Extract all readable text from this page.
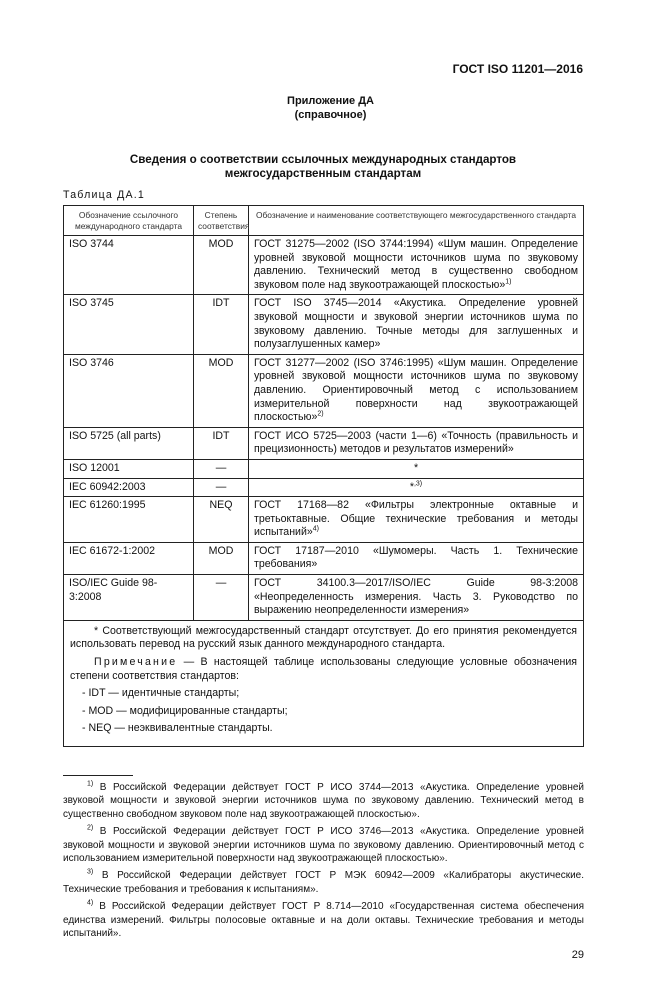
ГОСТ ISO 11201—2016
Приложение ДА
(справочное)
Сведения о соответствии ссылочных международных стандартов
межгосударственным стандартам
Таблица ДА.1
Обозначение ссылочного международного стандарта	Степень соответствия	Обозначение и наименование соответствующего межгосударственного стандарта
ISO 3744	MOD	ГОСТ 31275—2002 (ISO 3744:1994) «Шум машин. Определение уровней звуковой мощности источников шума по звуковому давлению. Технический метод в существенно свободном звуковом поле над звукоотражающей плоскостью»$^{1)}$
ISO 3745	IDT	ГОСТ ISO 3745—2014 «Акустика. Определение уровней звуковой мощности и звуковой энергии источников шума по звуковому давлению. Точные методы для заглушенных и полузаглушенных камер»
ISO 3746	MOD	ГОСТ 31277—2002 (ISO 3746:1995) «Шум машин. Определение уровней звуковой мощности источников шума по звуковому давлению. Ориентировочный метод с использованием измерительной поверхности над звукоотражающей плоскостью»$^{2)}$
ISO 5725 (all parts)	IDT	ГОСТ ИСО 5725—2003 (части 1—6) «Точность (правильность и прецизионность) методов и результатов измерений»
ISO 12001	—	*
IEC 60942:2003	—	*$^{,3)}$
IEC 61260:1995	NEQ	ГОСТ 17168—82 «Фильтры электронные октавные и третьоктавные. Общие технические требования и методы испытаний»$^{4)}$
IEC 61672-1:2002	MOD	ГОСТ 17187—2010 «Шумомеры. Часть 1. Технические требования»
ISO/IEC Guide 98-3:2008	—	ГОСТ 34100.3—2017/ISO/IEC Guide 98-3:2008 «Неопределенность измерения. Часть 3. Руководство по выражению неопределенности измерения»

* Соответствующий межгосударственный стандарт отсутствует. До его принятия рекомендуется использовать перевод на русский язык данного международного стандарта.

Примечание — В настоящей таблице использованы следующие условные обозначения степени соответствия стандартов:

- IDT — идентичные стандарты;

- MOD — модифицированные стандарты;

- NEQ — неэквивалентные стандарты.		

$^{1)}$ В Российской Федерации действует ГОСТ Р ИСО 3744—2013 «Акустика. Определение уровней звуковой мощности и звуковой энергии источников шума по звуковому давлению. Технический метод в существенно свободном звуковом поле над звукоотражающей плоскостью».

$^{2)}$ В Российской Федерации действует ГОСТ Р ИСО 3746—2013 «Акустика. Определение уровней звуковой мощности и звуковой энергии источников шума по звуковому давлению. Ориентировочный метод с использованием измерительной поверхности над звукоотражающей плоскостью».

$^{3)}$ В Российской Федерации действует ГОСТ Р МЭК 60942—2009 «Калибраторы акустические. Технические требования и требования к испытаниям».

$^{4)}$ В Российской Федерации действует ГОСТ Р 8.714—2010 «Государственная система обеспечения единства измерений. Фильтры полосовые октавные и на доли октавы. Технические требования и методы испытаний».

29
